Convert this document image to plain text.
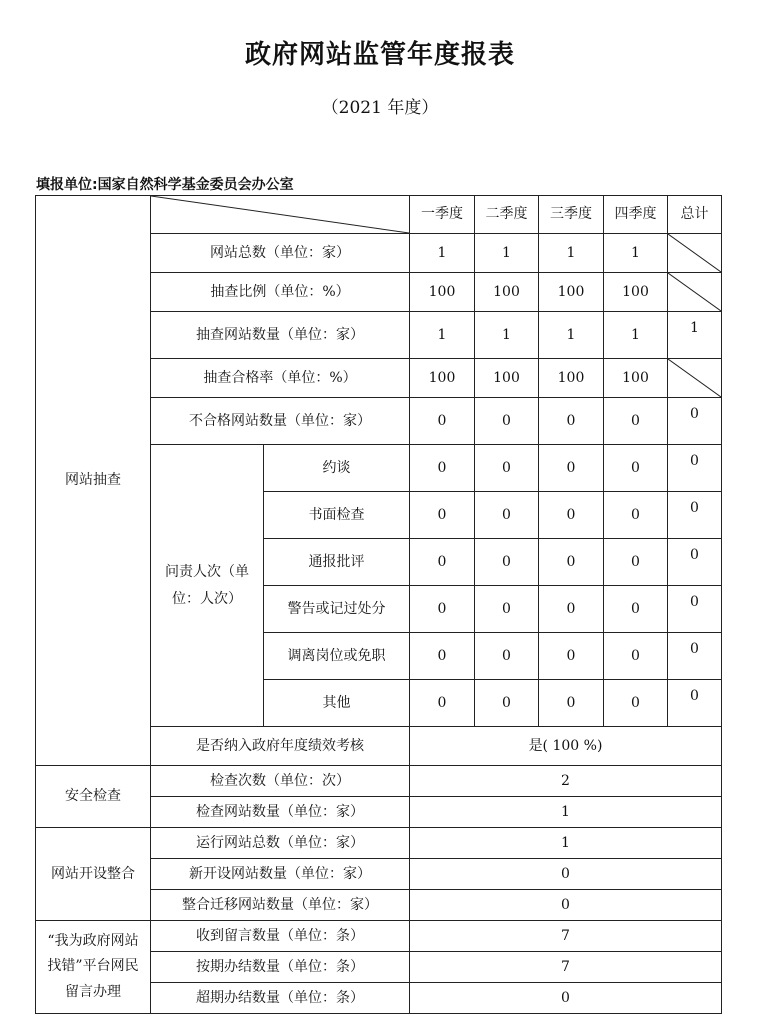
政府网站监管年度报表
（2021 年度）
填报单位:国家自然科学基金委员会办公室
网站抽查			一季度	二季度	三季度	四季度	总计
	网站总数（单位：家）		1	1	1	1	

	抽查比例（单位：%）		100	100	100	100	

	抽查网站数量（单位：家）		1	1	1	1	1
	抽查合格率（单位：%）		100	100	100	100	

	不合格网站数量（单位：家）		0	0	0	0	0
	问责人次（单位：人次）	约谈	0	0	0	0	0
		书面检查	0	0	0	0	0
		通报批评	0	0	0	0	0
		警告或记过处分	0	0	0	0	0
		调离岗位或免职	0	0	0	0	0
		其他	0	0	0	0	0
	是否纳入政府年度绩效考核		是( 100 %)				
安全检查	检查次数（单位：次）		2				
	检查网站数量（单位：家）		1				
网站开设整合	运行网站总数（单位：家）		1				
	新开设网站数量（单位：家）		0				
	整合迁移网站数量（单位：家）		0				
“我为政府网站找错”平台网民留言办理	收到留言数量（单位：条）		7				
	按期办结数量（单位：条）		7				
	超期办结数量（单位：条）		0				
